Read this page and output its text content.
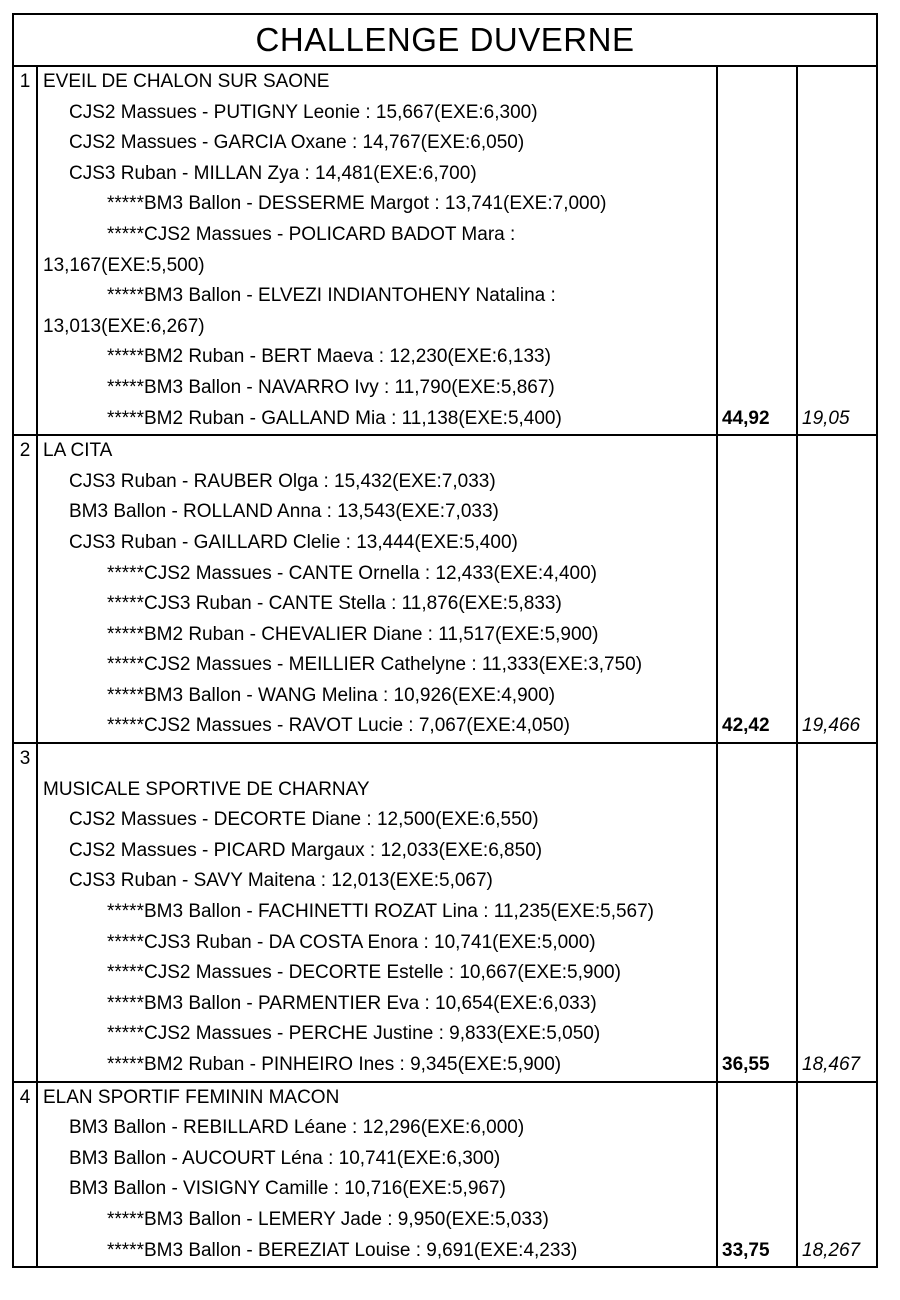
CHALLENGE DUVERNE
1 EVEIL DE CHALON SUR SAONE
CJS2 Massues - PUTIGNY Leonie : 15,667(EXE:6,300)
CJS2 Massues - GARCIA Oxane : 14,767(EXE:6,050)
CJS3 Ruban - MILLAN Zya : 14,481(EXE:6,700)
*****BM3 Ballon - DESSERME Margot : 13,741(EXE:7,000)
*****CJS2 Massues - POLICARD BADOT Mara :
13,167(EXE:5,500)
*****BM3 Ballon - ELVEZI INDIANTOHENY Natalina :
13,013(EXE:6,267)
*****BM2 Ruban - BERT Maeva : 12,230(EXE:6,133)
*****BM3 Ballon - NAVARRO Ivy : 11,790(EXE:5,867)
*****BM2 Ruban - GALLAND Mia : 11,138(EXE:5,400)	44,92 19,05
2 LA CITA
CJS3 Ruban - RAUBER Olga : 15,432(EXE:7,033)
BM3 Ballon - ROLLAND Anna : 13,543(EXE:7,033)
CJS3 Ruban - GAILLARD Clelie : 13,444(EXE:5,400)
*****CJS2 Massues - CANTE Ornella : 12,433(EXE:4,400)
*****CJS3 Ruban - CANTE Stella : 11,876(EXE:5,833)
*****BM2 Ruban - CHEVALIER Diane : 11,517(EXE:5,900)
*****CJS2 Massues - MEILLIER Cathelyne : 11,333(EXE:3,750)
*****BM3 Ballon - WANG Melina : 10,926(EXE:4,900)
*****CJS2 Massues - RAVOT Lucie : 7,067(EXE:4,050)	42,42 19,466
3
MUSICALE SPORTIVE DE CHARNAY
CJS2 Massues - DECORTE Diane : 12,500(EXE:6,550)
CJS2 Massues - PICARD Margaux : 12,033(EXE:6,850)
CJS3 Ruban - SAVY Maitena : 12,013(EXE:5,067)
*****BM3 Ballon - FACHINETTI ROZAT Lina : 11,235(EXE:5,567)
*****CJS3 Ruban - DA COSTA Enora : 10,741(EXE:5,000)
*****CJS2 Massues - DECORTE Estelle : 10,667(EXE:5,900)
*****BM3 Ballon - PARMENTIER Eva : 10,654(EXE:6,033)
*****CJS2 Massues - PERCHE Justine : 9,833(EXE:5,050)
*****BM2 Ruban - PINHEIRO Ines : 9,345(EXE:5,900)	36,55 18,467
4 ELAN SPORTIF FEMININ MACON
BM3 Ballon - REBILLARD Léane : 12,296(EXE:6,000)
BM3 Ballon - AUCOURT Léna : 10,741(EXE:6,300)
BM3 Ballon - VISIGNY Camille : 10,716(EXE:5,967)
*****BM3 Ballon - LEMERY Jade : 9,950(EXE:5,033)
*****BM3 Ballon - BEREZIAT Louise : 9,691(EXE:4,233)	33,75 18,267
